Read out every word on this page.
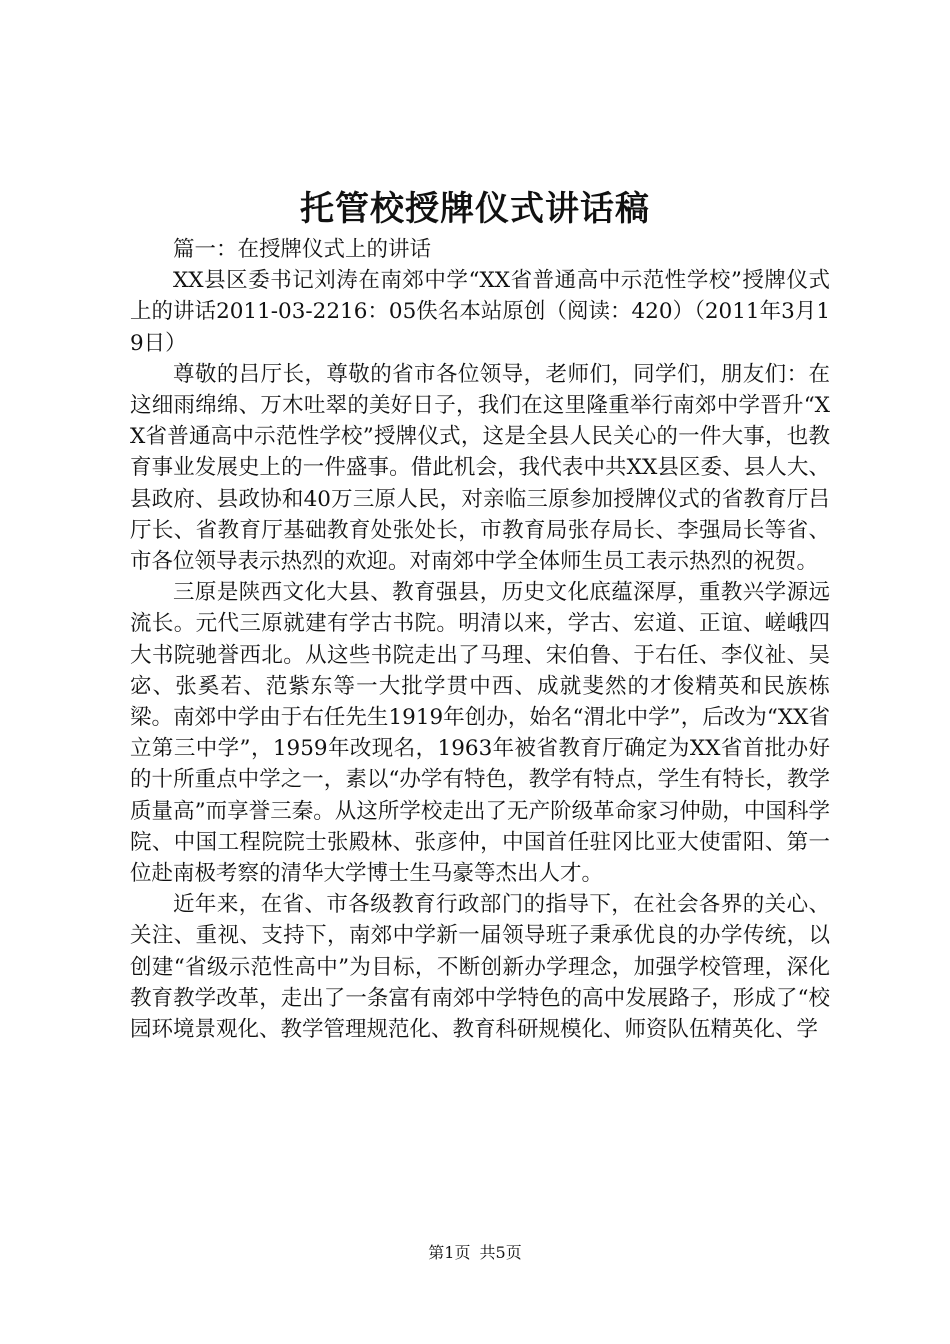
托管校授牌仪式讲话稿

篇一：在授牌仪式上的讲话

XX县区委书记刘涛在南郊中学“XX省普通高中示范性学校”授牌仪式上的讲话2011-03-2216：05佚名本站原创（阅读：420）（2011年3月19日）

尊敬的吕厅长，尊敬的省市各位领导，老师们，同学们，朋友们：在这细雨绵绵、万木吐翠的美好日子，我们在这里隆重举行南郊中学晋升“XX省普通高中示范性学校”授牌仪式，这是全县人民关心的一件大事，也教育事业发展史上的一件盛事。借此机会，我代表中共XX县区委、县人大、县政府、县政协和40万三原人民，对亲临三原参加授牌仪式的省教育厅吕厅长、省教育厅基础教育处张处长，市教育局张存局长、李强局长等省、市各位领导表示热烈的欢迎。对南郊中学全体师生员工表示热烈的祝贺。

三原是陕西文化大县、教育强县，历史文化底蕴深厚，重教兴学源远流长。元代三原就建有学古书院。明清以来，学古、宏道、正谊、嵯峨四大书院驰誉西北。从这些书院走出了马理、宋伯鲁、于右任、李仪祉、吴宓、张奚若、范紫东等一大批学贯中西、成就斐然的才俊精英和民族栋梁。南郊中学由于右任先生1919年创办，始名“渭北中学”，后改为“XX省立第三中学”，1959年改现名，1963年被省教育厅确定为XX省首批办好的十所重点中学之一，素以“办学有特色，教学有特点，学生有特长，教学质量高”而享誉三秦。从这所学校走出了无产阶级革命家习仲勋，中国科学院、中国工程院院士张殿林、张彦仲，中国首任驻冈比亚大使雷阳、第一位赴南极考察的清华大学博士生马豪等杰出人才。

近年来，在省、市各级教育行政部门的指导下，在社会各界的关心、关注、重视、支持下，南郊中学新一届领导班子秉承优良的办学传统，以创建“省级示范性高中”为目标，不断创新办学理念，加强学校管理，深化教育教学改革，走出了一条富有南郊中学特色的高中发展路子，形成了“校园环境景观化、教学管理规范化、教育科研规模化、师资队伍精英化、学

第1页 共5页
